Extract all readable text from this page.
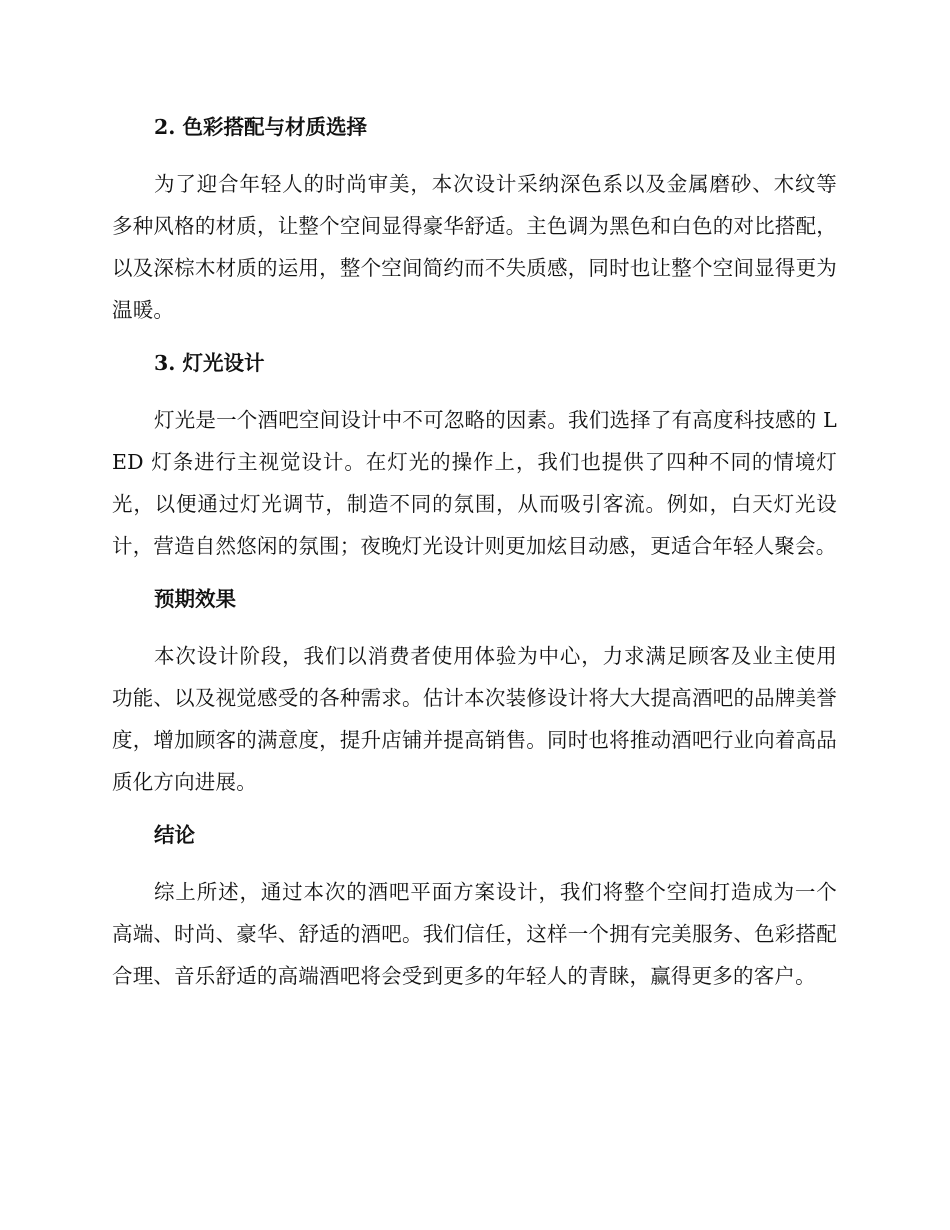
2. 色彩搭配与材质选择

为了迎合年轻人的时尚审美，本次设计采纳深色系以及金属磨砂、木纹等多种风格的材质，让整个空间显得豪华舒适。主色调为黑色和白色的对比搭配，以及深棕木材质的运用，整个空间简约而不失质感，同时也让整个空间显得更为温暖。

3. 灯光设计

灯光是一个酒吧空间设计中不可忽略的因素。我们选择了有高度科技感的 LED 灯条进行主视觉设计。在灯光的操作上，我们也提供了四种不同的情境灯光，以便通过灯光调节，制造不同的氛围，从而吸引客流。例如，白天灯光设计，营造自然悠闲的氛围；夜晚灯光设计则更加炫目动感，更适合年轻人聚会。

预期效果

本次设计阶段，我们以消费者使用体验为中心，力求满足顾客及业主使用功能、以及视觉感受的各种需求。估计本次装修设计将大大提高酒吧的品牌美誉度，增加顾客的满意度，提升店铺并提高销售。同时也将推动酒吧行业向着高品质化方向进展。

结论

综上所述，通过本次的酒吧平面方案设计，我们将整个空间打造成为一个高端、时尚、豪华、舒适的酒吧。我们信任，这样一个拥有完美服务、色彩搭配合理、音乐舒适的高端酒吧将会受到更多的年轻人的青睐，赢得更多的客户。
